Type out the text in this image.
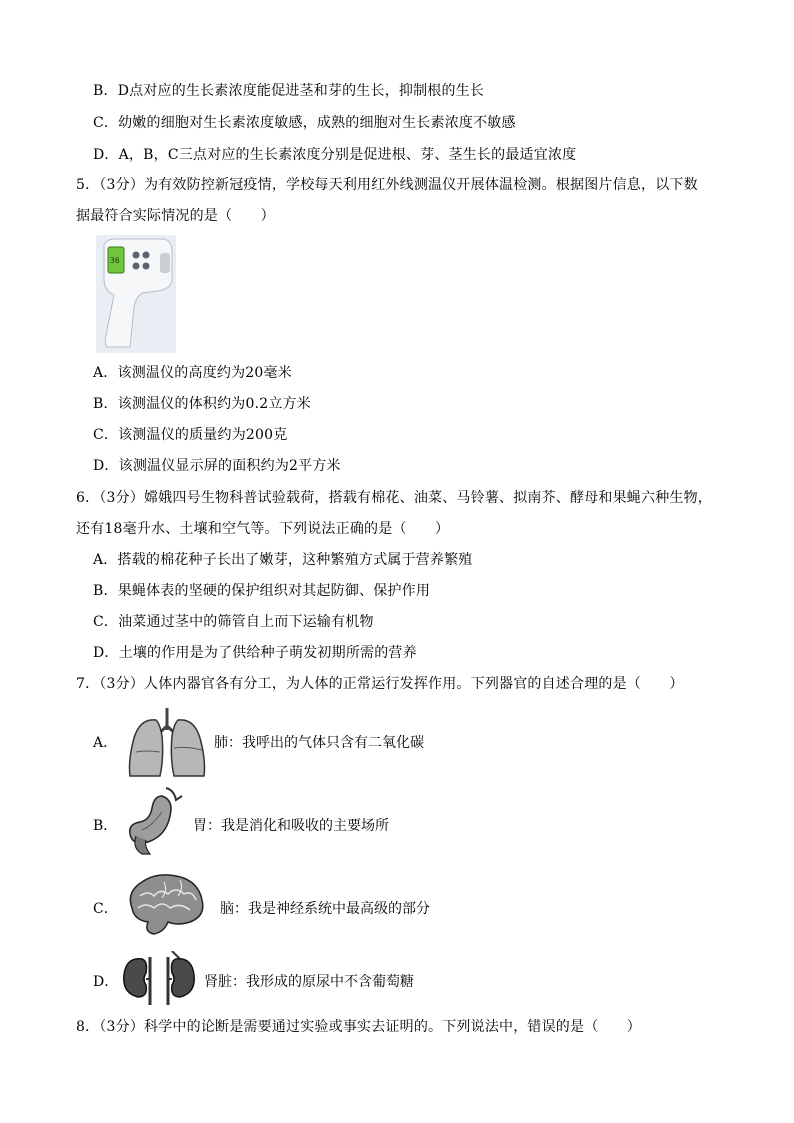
B．D点对应的生长素浓度能促进茎和芽的生长，抑制根的生长
C．幼嫩的细胞对生长素浓度敏感，成熟的细胞对生长素浓度不敏感
D．A，B，C三点对应的生长素浓度分别是促进根、芽、茎生长的最适宜浓度
5．（3分）为有效防控新冠疫情，学校每天利用红外线测温仪开展体温检测。根据图片信息，以下数
据最符合实际情况的是（　　）
36
A．该测温仪的高度约为20毫米
B．该测温仪的体积约为0.2立方米
C．该测温仪的质量约为200克
D．该测温仪显示屏的面积约为2平方米
6．（3分）嫦娥四号生物科普试验载荷，搭载有棉花、油菜、马铃薯、拟南芥、酵母和果蝇六种生物，
还有18毫升水、土壤和空气等。下列说法正确的是（　　）
A．搭载的棉花种子长出了嫩芽，这种繁殖方式属于营养繁殖
B．果蝇体表的坚硬的保护组织对其起防御、保护作用
C．油菜通过茎中的筛管自上而下运输有机物
D．土壤的作用是为了供给种子萌发初期所需的营养
7．（3分）人体内器官各有分工，为人体的正常运行发挥作用。下列器官的自述合理的是（　　）
A．	肺：我呼出的气体只含有二氧化碳
B．	胃：我是消化和吸收的主要场所
C．	脑：我是神经系统中最高级的部分
D．	肾脏：我形成的原尿中不含葡萄糖
8．（3分）科学中的论断是需要通过实验或事实去证明的。下列说法中，错误的是（　　）
